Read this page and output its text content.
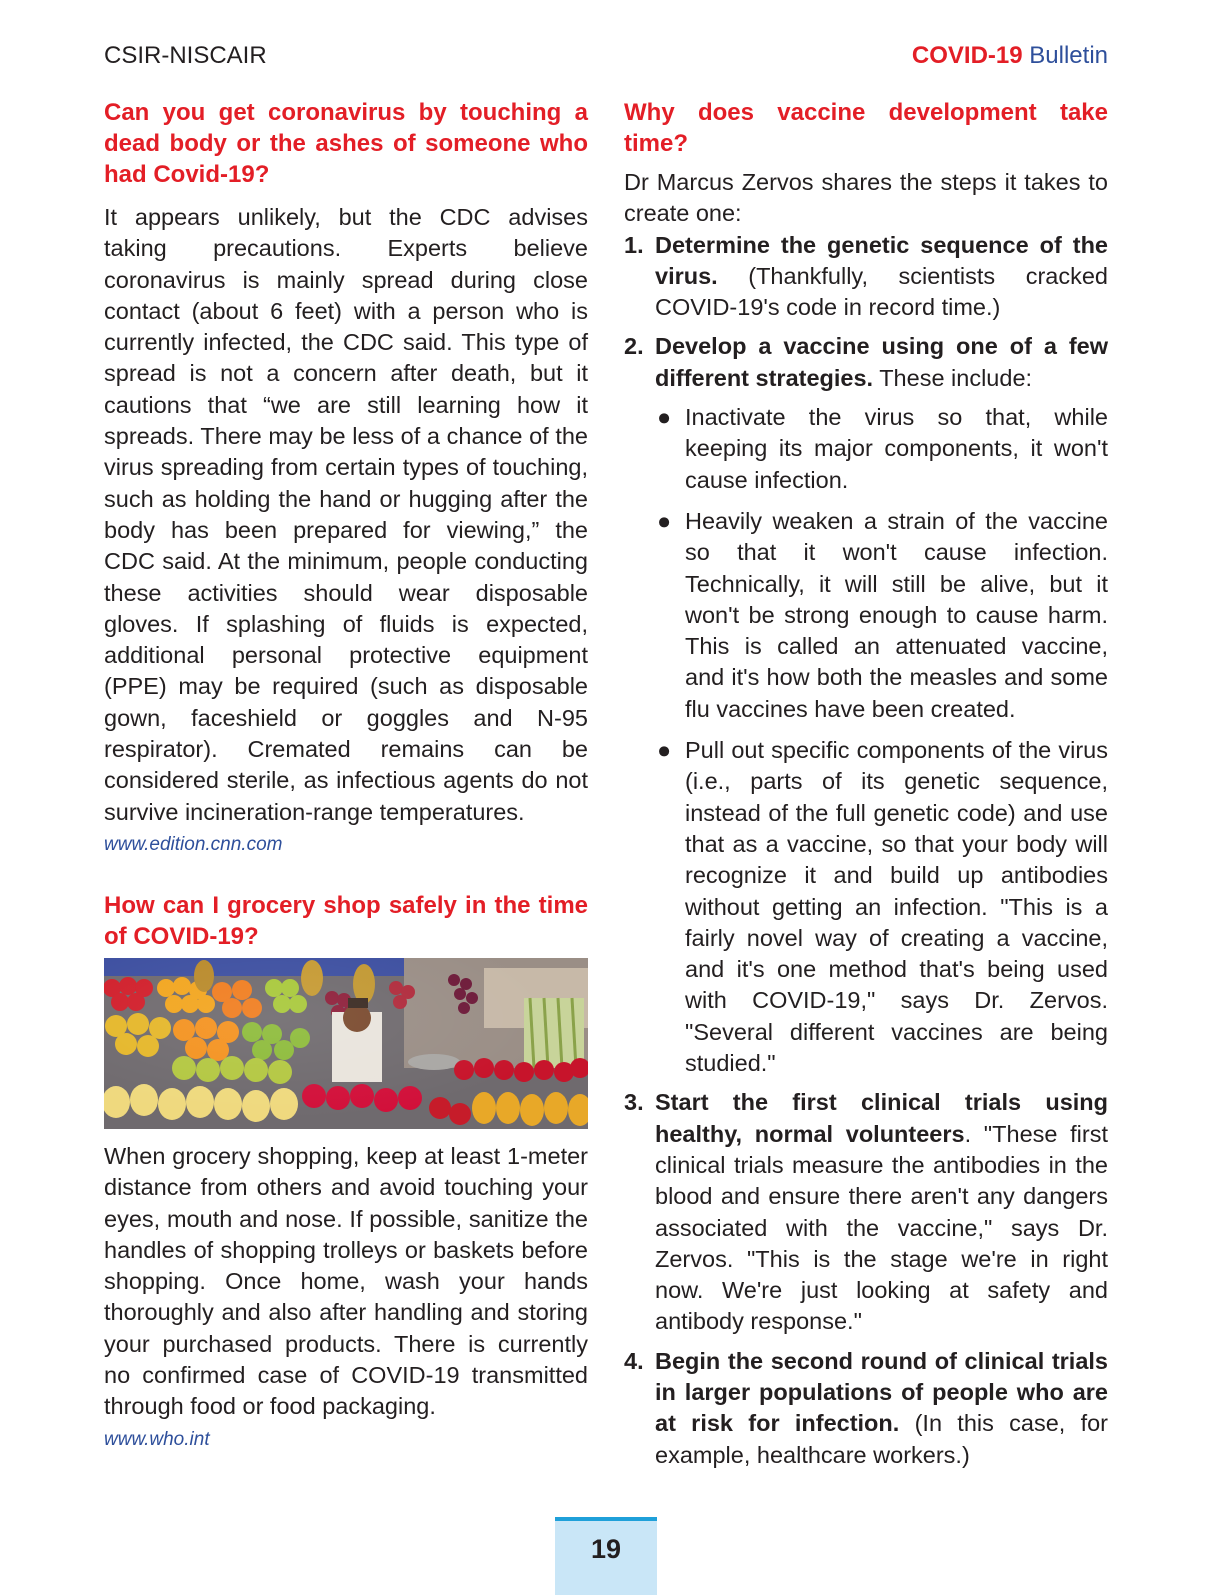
CSIR-NISCAIR	COVID-19 Bulletin

Can you get coronavirus by touching a dead body or the ashes of someone who had Covid-19?

It appears unlikely, but the CDC advises taking precautions. Experts believe coronavirus is mainly spread during close contact (about 6 feet) with a person who is currently infected, the CDC said. This type of spread is not a concern after death, but it cautions that “we are still learning how it spreads. There may be less of a chance of the virus spreading from certain types of touching, such as holding the hand or hugging after the body has been prepared for viewing,” the CDC said. At the minimum, people conducting these activities should wear disposable gloves. If splashing of fluids is expected, additional personal protective equipment (PPE) may be required (such as disposable gown, faceshield or goggles and N-95 respirator). Cremated remains can be considered sterile, as infectious agents do not survive incineration-range temperatures.

www.edition.cnn.com

How can I grocery shop safely in the time of COVID-19?

When grocery shopping, keep at least 1-meter distance from others and avoid touching your eyes, mouth and nose. If possible, sanitize the handles of shopping trolleys or baskets before shopping. Once home, wash your hands thoroughly and also after handling and storing your purchased products. There is currently no confirmed case of COVID-19 transmitted through food or food packaging.

www.who.int

Why does vaccine development take time?

Dr Marcus Zervos shares the steps it takes to create one:

1. Determine the genetic sequence of the virus. (Thankfully, scientists cracked COVID-19's code in record time.)
2. Develop a vaccine using one of a few different strategies. These include:
● Inactivate the virus so that, while keeping its major components, it won't cause infection.
● Heavily weaken a strain of the vaccine so that it won't cause infection. Technically, it will still be alive, but it won't be strong enough to cause harm. This is called an attenuated vaccine, and it's how both the measles and some flu vaccines have been created.
● Pull out specific components of the virus (i.e., parts of its genetic sequence, instead of the full genetic code) and use that as a vaccine, so that your body will recognize it and build up antibodies without getting an infection. "This is a fairly novel way of creating a vaccine, and it's one method that's being used with COVID-19," says Dr. Zervos. "Several different vaccines are being studied."
3. Start the first clinical trials using healthy, normal volunteers. "These first clinical trials measure the antibodies in the blood and ensure there aren't any dangers associated with the vaccine," says Dr. Zervos. "This is the stage we're in right now. We're just looking at safety and antibody response."
4. Begin the second round of clinical trials in larger populations of people who are at risk for infection. (In this case, for example, healthcare workers.)
19
